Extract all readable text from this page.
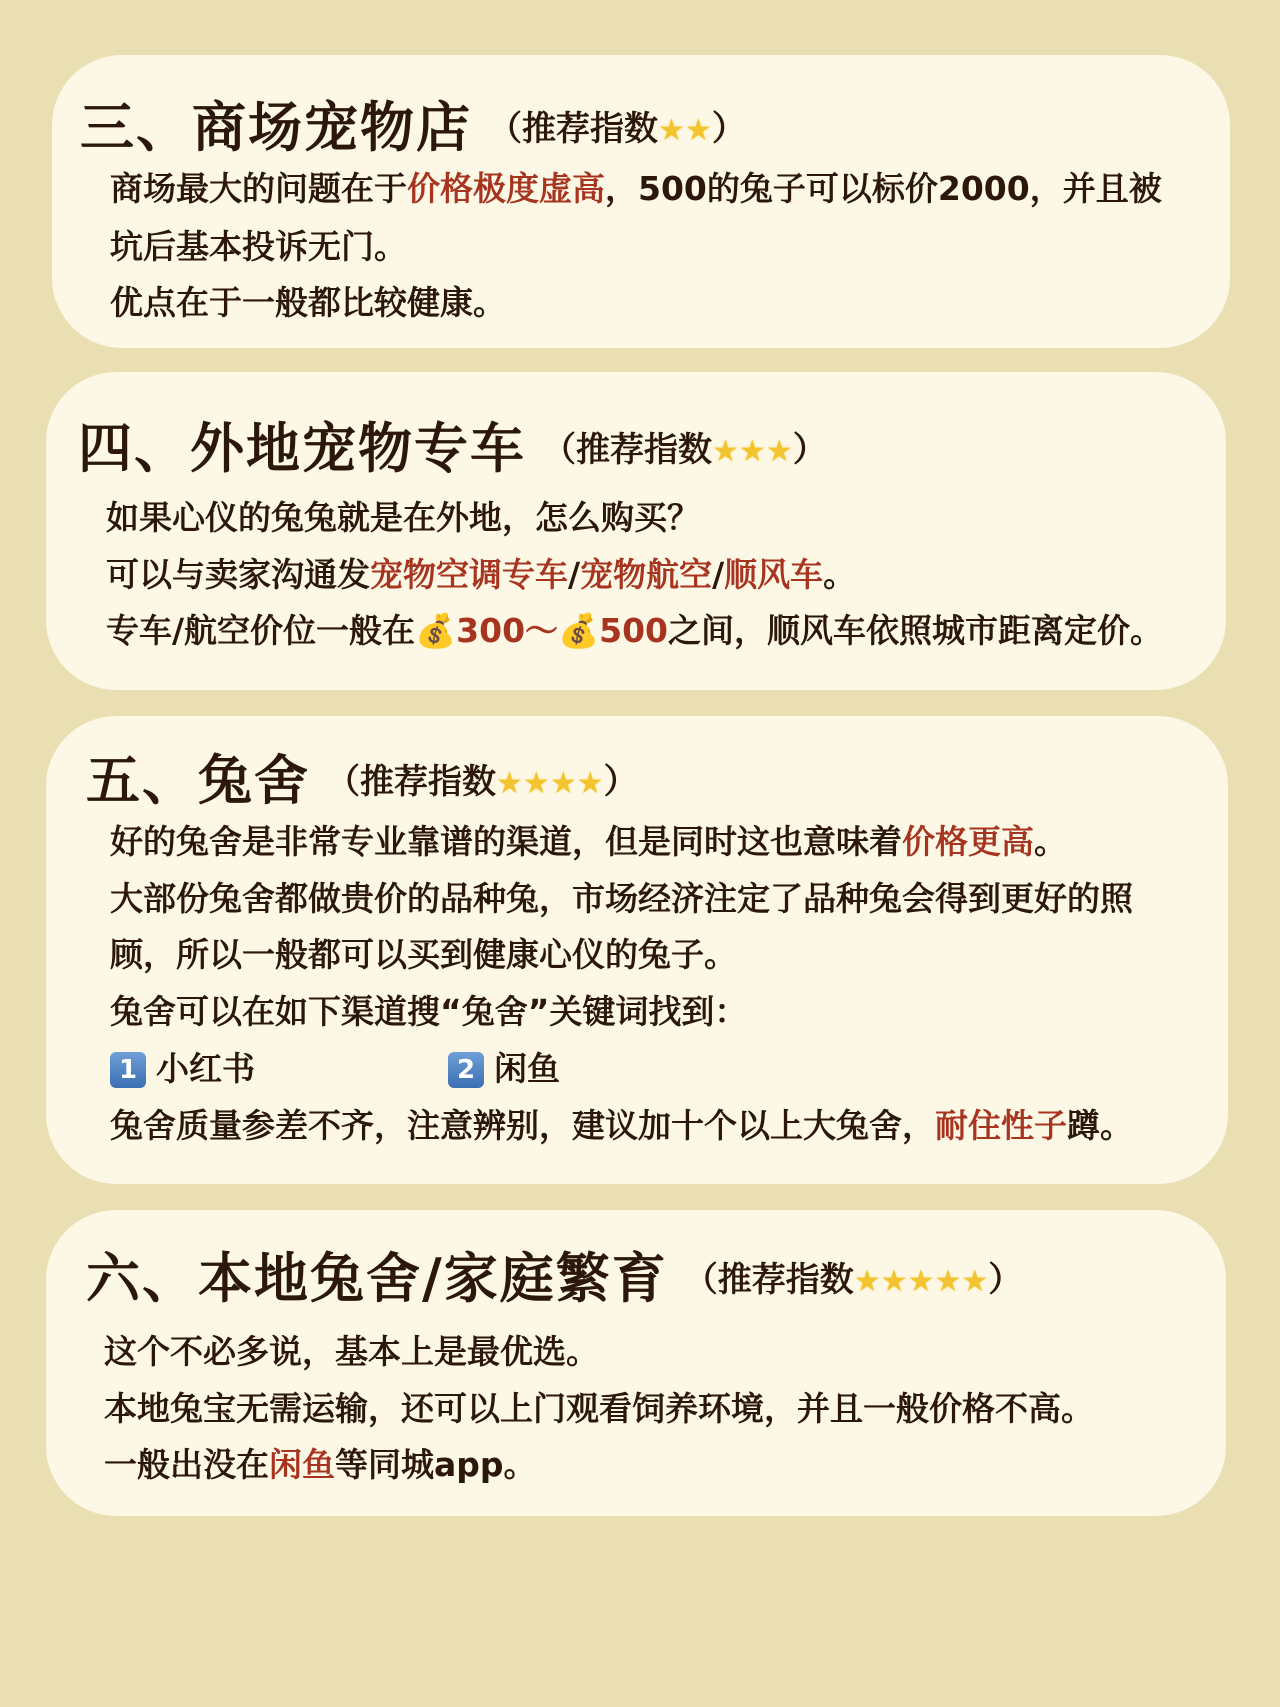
三、商场宠物店 （推荐指数★★）
商场最大的问题在于价格极度虚高，500的兔子可以标价2000，并且被
坑后基本投诉无门。
优点在于一般都比较健康。
四、外地宠物专车 （推荐指数★★★）
如果心仪的兔兔就是在外地，怎么购买？
可以与卖家沟通发宠物空调专车/宠物航空/顺风车。
专车/航空价位一般在💰300～💰500之间，顺风车依照城市距离定价。
五、兔舍 （推荐指数★★★★）
好的兔舍是非常专业靠谱的渠道，但是同时这也意味着价格更高。
大部份兔舍都做贵价的品种兔，市场经济注定了品种兔会得到更好的照
顾，所以一般都可以买到健康心仪的兔子。
兔舍可以在如下渠道搜“兔舍”关键词找到：
1 小红书	2 闲鱼
兔舍质量参差不齐，注意辨别，建议加十个以上大兔舍，耐住性子蹲。
六、本地兔舍/家庭繁育 （推荐指数★★★★★）
这个不必多说，基本上是最优选。
本地兔宝无需运输，还可以上门观看饲养环境，并且一般价格不高。
一般出没在闲鱼等同城app。
